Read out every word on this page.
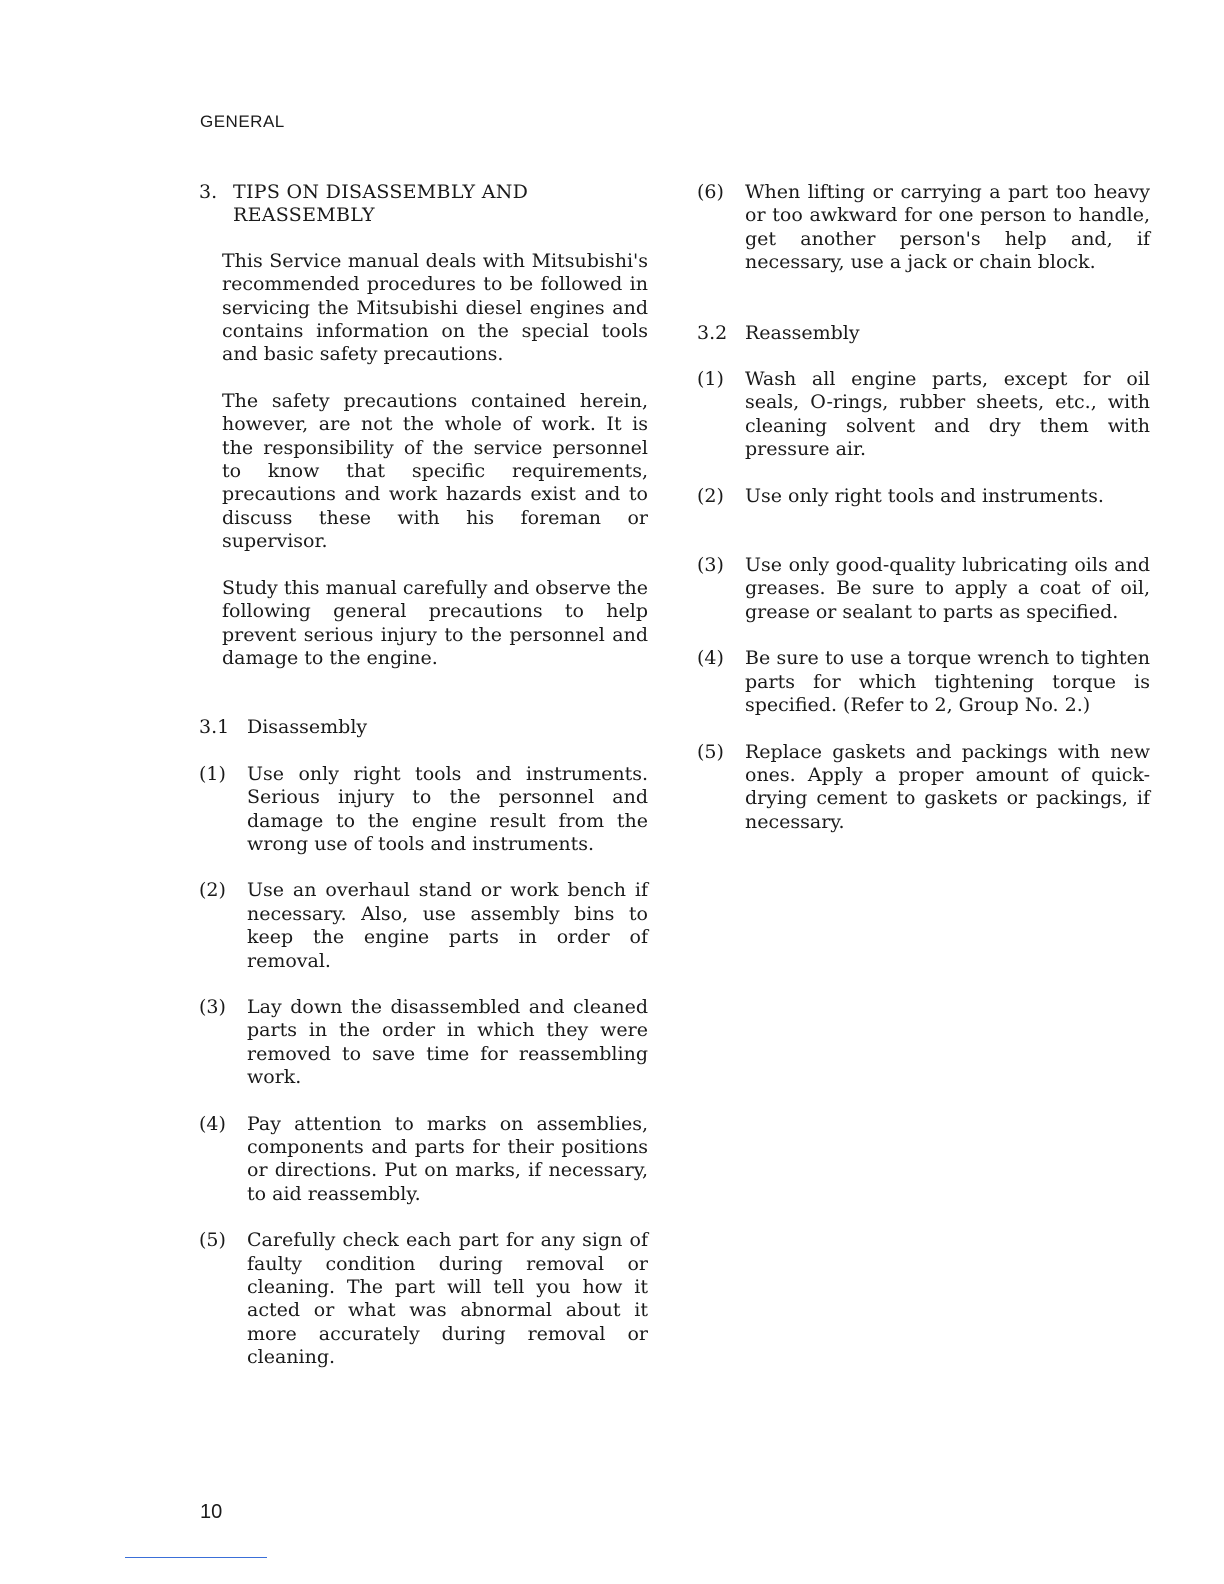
GENERAL
3. TIPS ON DISASSEMBLY AND
REASSEMBLY

This Service manual deals with Mitsubishi's recommended procedures to be followed in servicing the Mitsubishi diesel engines and contains information on the special tools and basic safety precautions.

The safety precautions contained herein, however, are not the whole of work. It is the responsibility of the service personnel to know that specific requirements, precautions and work hazards exist and to discuss these with his foreman or supervisor.

Study this manual carefully and observe the following general precautions to help prevent serious injury to the personnel and damage to the engine.

3.1 Disassembly
(1)	Use only right tools and instruments. Serious injury to the personnel and damage to the engine result from the wrong use of tools and instruments.
(2)	Use an overhaul stand or work bench if necessary. Also, use assembly bins to keep the engine parts in order of removal.
(3)	Lay down the disassembled and cleaned parts in the order in which they were removed to save time for reassembling work.
(4)	Pay attention to marks on assemblies, components and parts for their positions or directions. Put on marks, if necessary, to aid reassembly.
(5)	Carefully check each part for any sign of faulty condition during removal or cleaning. The part will tell you how it acted or what was abnormal about it more accurately during removal or cleaning.
(6)	When lifting or carrying a part too heavy or too awkward for one person to handle, get another person's help and, if necessary, use a jack or chain block.
3.2 Reassembly
(1)	Wash all engine parts, except for oil seals, O-rings, rubber sheets, etc., with cleaning solvent and dry them with pressure air.
(2)	Use only right tools and instruments.
(3)	Use only good-quality lubricating oils and greases. Be sure to apply a coat of oil, grease or sealant to parts as specified.
(4)	Be sure to use a torque wrench to tighten parts for which tightening torque is specified. (Refer to 2, Group No. 2.)
(5)	Replace gaskets and packings with new ones. Apply a proper amount of quick-drying cement to gaskets or packings, if necessary.
10
